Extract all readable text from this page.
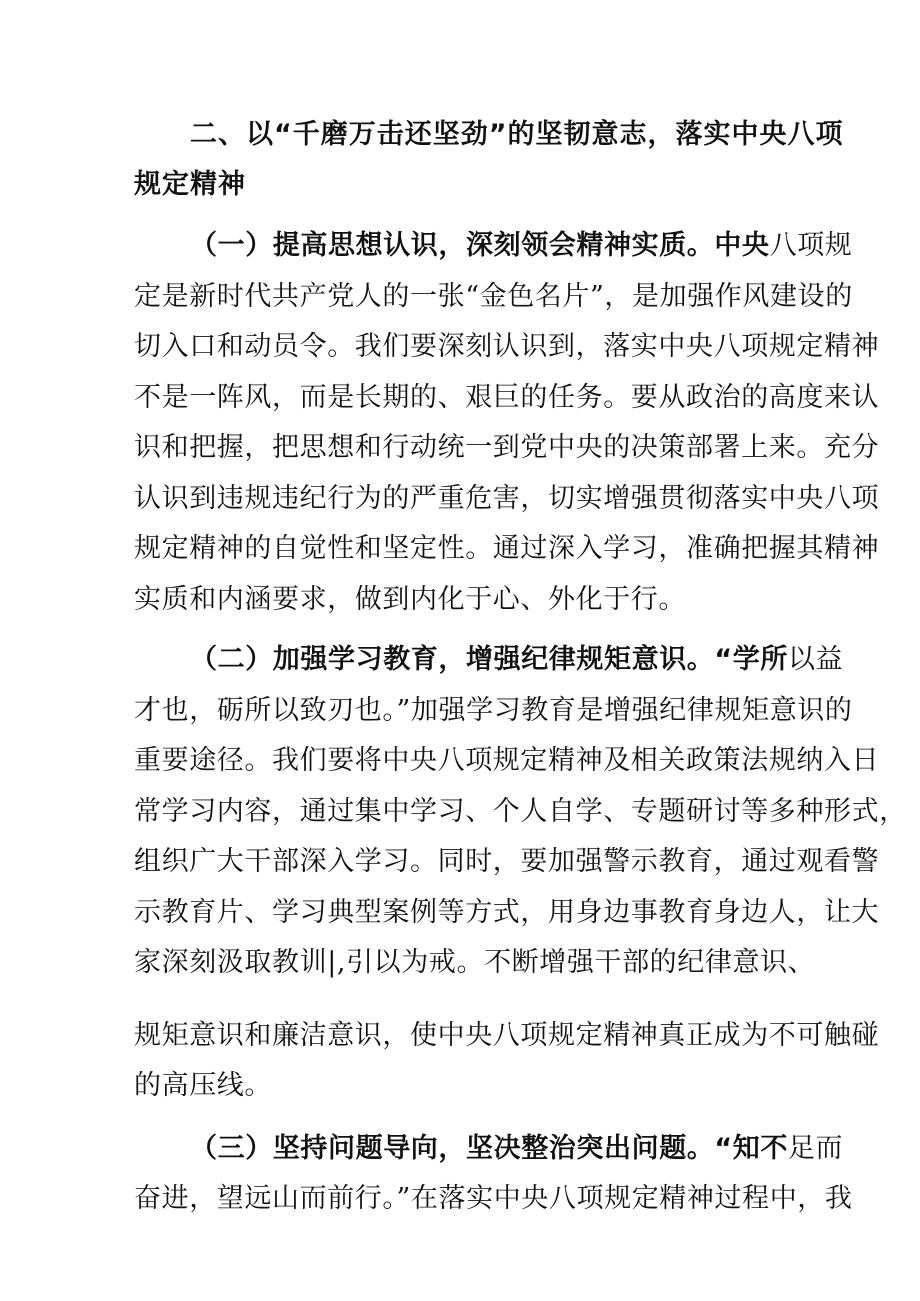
二、以“千磨万击还坚劲”的坚韧意志，落实中央八项
规定精神
（一）提高思想认识，深刻领会精神实质。中央八项规
定是新时代共产党人的一张“金色名片”，是加强作风建设的
切入口和动员令。我们要深刻认识到，落实中央八项规定精神
不是一阵风，而是长期的、艰巨的任务。要从政治的高度来认
识和把握，把思想和行动统一到党中央的决策部署上来。充分
认识到违规违纪行为的严重危害，切实增强贯彻落实中央八项
规定精神的自觉性和坚定性。通过深入学习，准确把握其精神
实质和内涵要求，做到内化于心、外化于行。
（二）加强学习教育，增强纪律规矩意识。“学所以益
才也，砺所以致刃也。”加强学习教育是增强纪律规矩意识的
重要途径。我们要将中央八项规定精神及相关政策法规纳入日
常学习内容，通过集中学习、个人自学、专题研讨等多种形式，
组织广大干部深入学习。同时，要加强警示教育，通过观看警
示教育片、学习典型案例等方式，用身边事教育身边人，让大
家深刻汲取教训|,引以为戒。不断增强干部的纪律意识、
规矩意识和廉洁意识，使中央八项规定精神真正成为不可触碰
的高压线。
（三）坚持问题导向，坚决整治突出问题。“知不足而
奋进，望远山而前行。”在落实中央八项规定精神过程中，我
